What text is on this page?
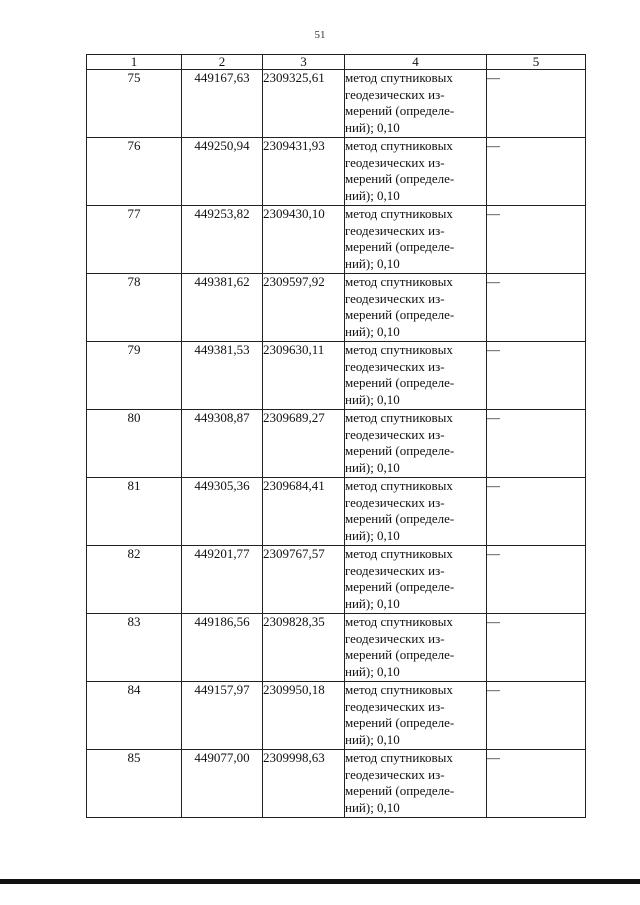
51
1	2	3	4	5
75	449167,63	2309325,61	метод спутниковых
геодезических из-
мерений (определе-
ний); 0,10	—
76	449250,94	2309431,93	метод спутниковых
геодезических из-
мерений (определе-
ний); 0,10	—
77	449253,82	2309430,10	метод спутниковых
геодезических из-
мерений (определе-
ний); 0,10	—
78	449381,62	2309597,92	метод спутниковых
геодезических из-
мерений (определе-
ний); 0,10	—
79	449381,53	2309630,11	метод спутниковых
геодезических из-
мерений (определе-
ний); 0,10	—
80	449308,87	2309689,27	метод спутниковых
геодезических из-
мерений (определе-
ний); 0,10	—
81	449305,36	2309684,41	метод спутниковых
геодезических из-
мерений (определе-
ний); 0,10	—
82	449201,77	2309767,57	метод спутниковых
геодезических из-
мерений (определе-
ний); 0,10	—
83	449186,56	2309828,35	метод спутниковых
геодезических из-
мерений (определе-
ний); 0,10	—
84	449157,97	2309950,18	метод спутниковых
геодезических из-
мерений (определе-
ний); 0,10	—
85	449077,00	2309998,63	метод спутниковых
геодезических из-
мерений (определе-
ний); 0,10	—
